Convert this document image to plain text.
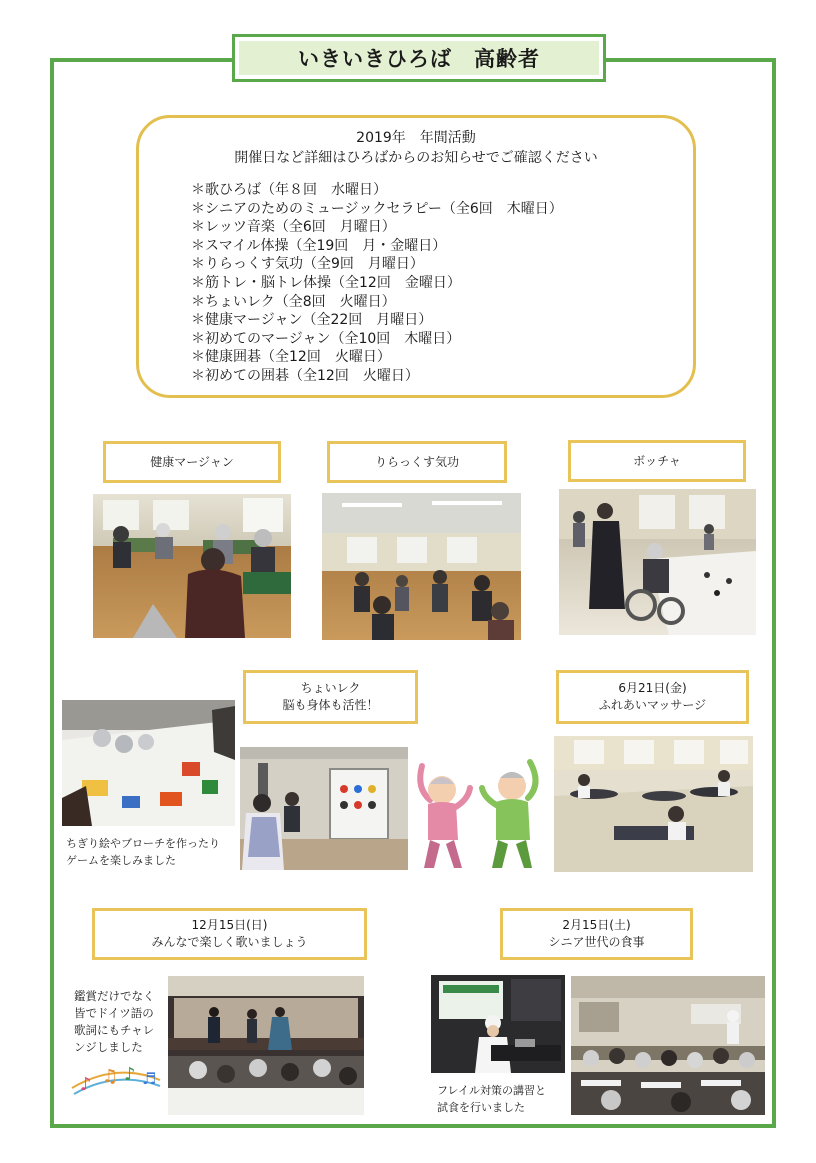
いきいきひろば　高齢者
2019年　年間活動
開催日など詳細はひろばからのお知らせでご確認ください
＊歌ひろば（年８回　水曜日）
＊シニアのためのミュージックセラピー（全6回　木曜日）
＊レッツ音楽（全6回　月曜日）
＊スマイル体操（全19回　月・金曜日）
＊りらっくす気功（全9回　月曜日）
＊筋トレ・脳トレ体操（全12回　金曜日）
＊ちょいレク（全8回　火曜日）
＊健康マージャン（全22回　月曜日）
＊初めてのマージャン（全10回　木曜日）
＊健康囲碁（全12回　火曜日）
＊初めての囲碁（全12回　火曜日）
健康マージャン	りらっくす気功	ボッチャ
ちょいレク
脳も身体も活性！
6月21日(金)
ふれあいマッサージ
ちぎり絵やブローチを作ったり
ゲームを楽しみました
12月15日(日)
みんなで楽しく歌いましょう
2月15日(土)
シニア世代の食事
鑑賞だけでなく
皆でドイツ語の
歌詞にもチャレ
ンジしました
♪ ♫ ♪ ♬
フレイル対策の講習と
試食を行いました
